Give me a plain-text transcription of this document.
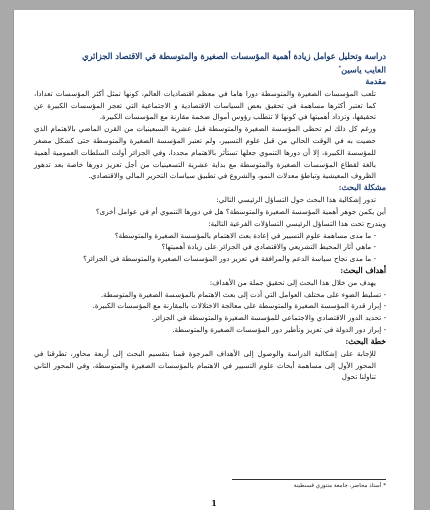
دراسة وتحليل عوامل زيادة أهمية المؤسسات الصغيرة والمتوسطة في الاقتصاد الجزائري

العايب ياسين*

مقدمة

تلعب المؤسسات الصغيرة والمتوسطة دورا هاما في معظم اقتصاديات العالم، كونها تمثل أكثر المؤسسات تعدادا، كما تعتبر أكثرها مساهمة في تحقيق بعض السياسات الاقتصادية و الاجتماعية التي تعجز المؤسسات الكبيرة عن تحقيقها، وتزداد أهميتها في كونها لا تتطلب رؤوس أموال ضخمة مقارنة مع المؤسسات الكبيرة.

ورغم كل ذلك لم تحظى المؤسسة الصغيرة والمتوسطة قبل عشرية السبعينيات من القرن الماضي بالاهتمام الذي حضيت به في الوقت الحالي من قبل علوم التسيير، ولم تعتبر المؤسسة الصغيرة والمتوسطة حتى كشكل مصغر للمؤسسة الكبيرة، إلا أن دورها التنموي جعلها تستأثر بالاهتمام مجددا، وفي الجزائر أولت السلطات العمومية أهمية بالغة لقطاع المؤسسات الصغيرة والمتوسطة مع بداية عشرية التسعينيات من أجل تعزيز دورها خاصة بعد تدهور الظروف المعيشية وتباطؤ معدلات النمو، والشروع في تطبيق سياسات التحرير المالي والاقتصادي.

مشكلة البحث:

تدور إشكالية هذا البحث حول التساؤل الرئيسي التالي:

أين يكمن جوهر أهمية المؤسسة الصغيرة والمتوسطة؟ هل في دورها التنموي أم في عوامل أخرى؟

ويندرج تحت هذا التساؤل الرئيسي التساؤلات الفرعية التالية:

- ما مدى مساهمة علوم التسيير في إعادة بعث الاهتمام بالمؤسسة الصغيرة والمتوسطة؟

- ماهي أثار المحيط التشريعي والاقتصادي في الجزائر على زيادة أهميتها؟

- ما مدى نجاح سياسة الدعم والمرافقة في تعزيز دور المؤسسات الصغيرة والمتوسطة في الجزائر؟

أهداف البحث:

يهدف من خلال هذا البحث إلى تحقيق جملة من الأهداف:

- تسليط الضوء على مختلف العوامل التي أدت إلى بعث الاهتمام بالمؤسسة الصغيرة والمتوسطة.

- إبراز قدرة المؤسسة الصغيرة والمتوسطة على معالجة الاختلالات بالمقارنة مع المؤسسات الكبيرة.

- تحديد الدور الاقتصادي والاجتماعي للمؤسسة الصغيرة والمتوسطة في الجزائر.

- إبراز دور الدولة في تعزيز وتأطير دور المؤسسات الصغيرة والمتوسطة.

خطة البحث:

للإجابة على إشكالية الدراسة والوصول إلى الأهداف المرجوة قمنا بتقسيم البحث إلى أربعة محاور، تطرقنا في المحور الأول إلى مساهمة أبحاث علوم التسيير في الاهتمام بالمؤسسات الصغيرة والمتوسطة، وفي المحور الثاني تناولنا تحول

* أستاذ محاضر، جامعة منتوري قسنطينة
1
